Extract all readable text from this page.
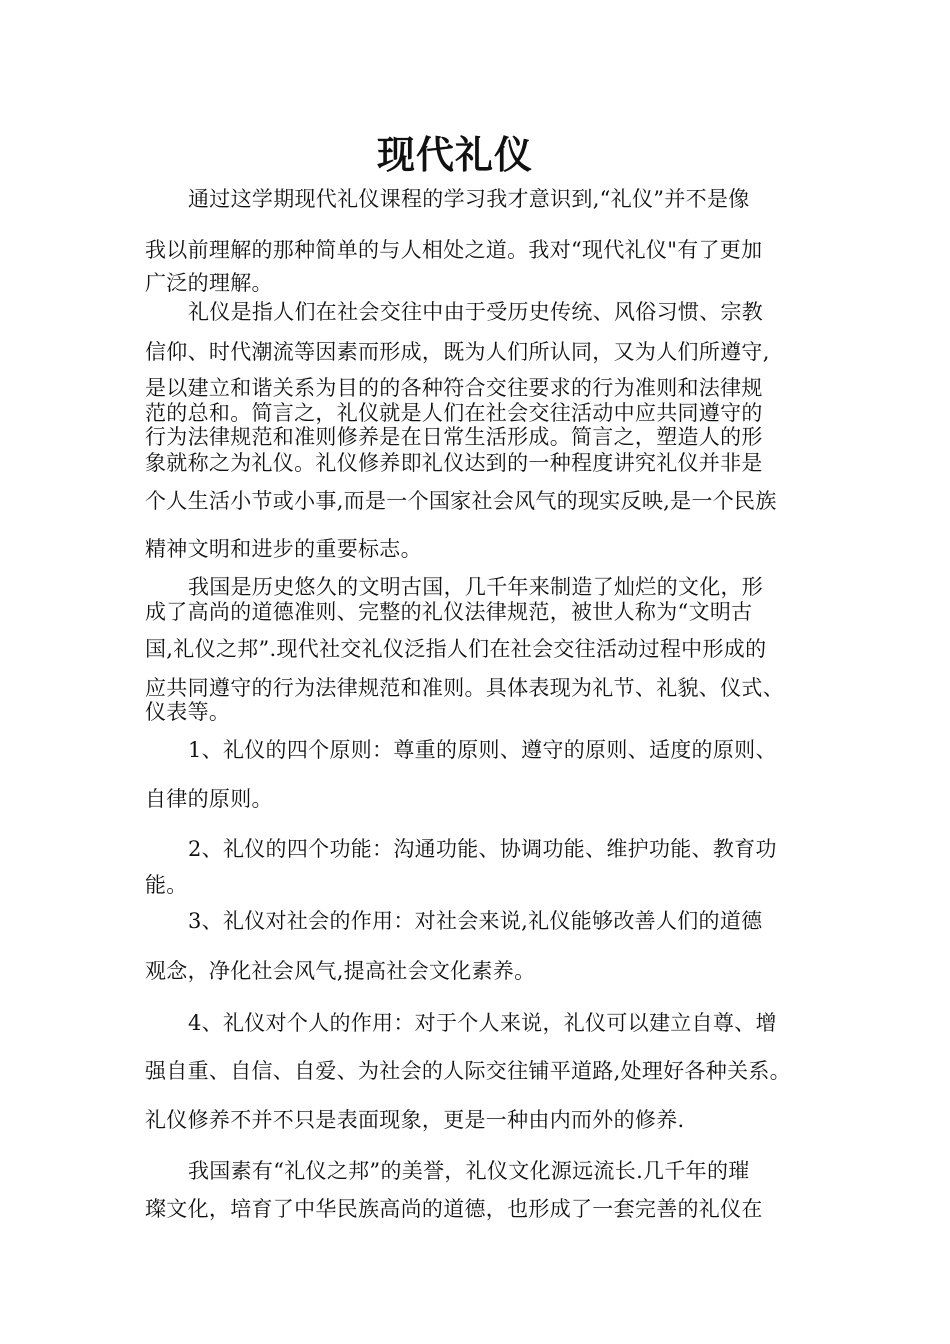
现代礼仪

通过这学期现代礼仪课程的学习我才意识到,“礼仪”并不是像

我以前理解的那种简单的与人相处之道。我对“现代礼仪"有了更加

广泛的理解。

礼仪是指人们在社会交往中由于受历史传统、风俗习惯、宗教

信仰、时代潮流等因素而形成，既为人们所认同，又为人们所遵守,

是以建立和谐关系为目的的各种符合交往要求的行为准则和法律规

范的总和。简言之，礼仪就是人们在社会交往活动中应共同遵守的

行为法律规范和准则修养是在日常生活形成。简言之，塑造人的形

象就称之为礼仪。礼仪修养即礼仪达到的一种程度讲究礼仪并非是

个人生活小节或小事,而是一个国家社会风气的现实反映,是一个民族

精神文明和进步的重要标志。

我国是历史悠久的文明古国，几千年来制造了灿烂的文化，形

成了高尚的道德准则、完整的礼仪法律规范，被世人称为“文明古

国,礼仪之邦”.现代社交礼仪泛指人们在社会交往活动过程中形成的

应共同遵守的行为法律规范和准则。具体表现为礼节、礼貌、仪式、

仪表等。

1、礼仪的四个原则：尊重的原则、遵守的原则、适度的原则、

自律的原则。

2、礼仪的四个功能：沟通功能、协调功能、维护功能、教育功

能。

3、礼仪对社会的作用：对社会来说,礼仪能够改善人们的道德

观念，净化社会风气,提高社会文化素养。

4、礼仪对个人的作用：对于个人来说，礼仪可以建立自尊、增

强自重、自信、自爱、为社会的人际交往铺平道路,处理好各种关系。

礼仪修养不并不只是表面现象，更是一种由内而外的修养.

我国素有“礼仪之邦”的美誉，礼仪文化源远流长.几千年的璀

璨文化，培育了中华民族高尚的道德，也形成了一套完善的礼仪在
